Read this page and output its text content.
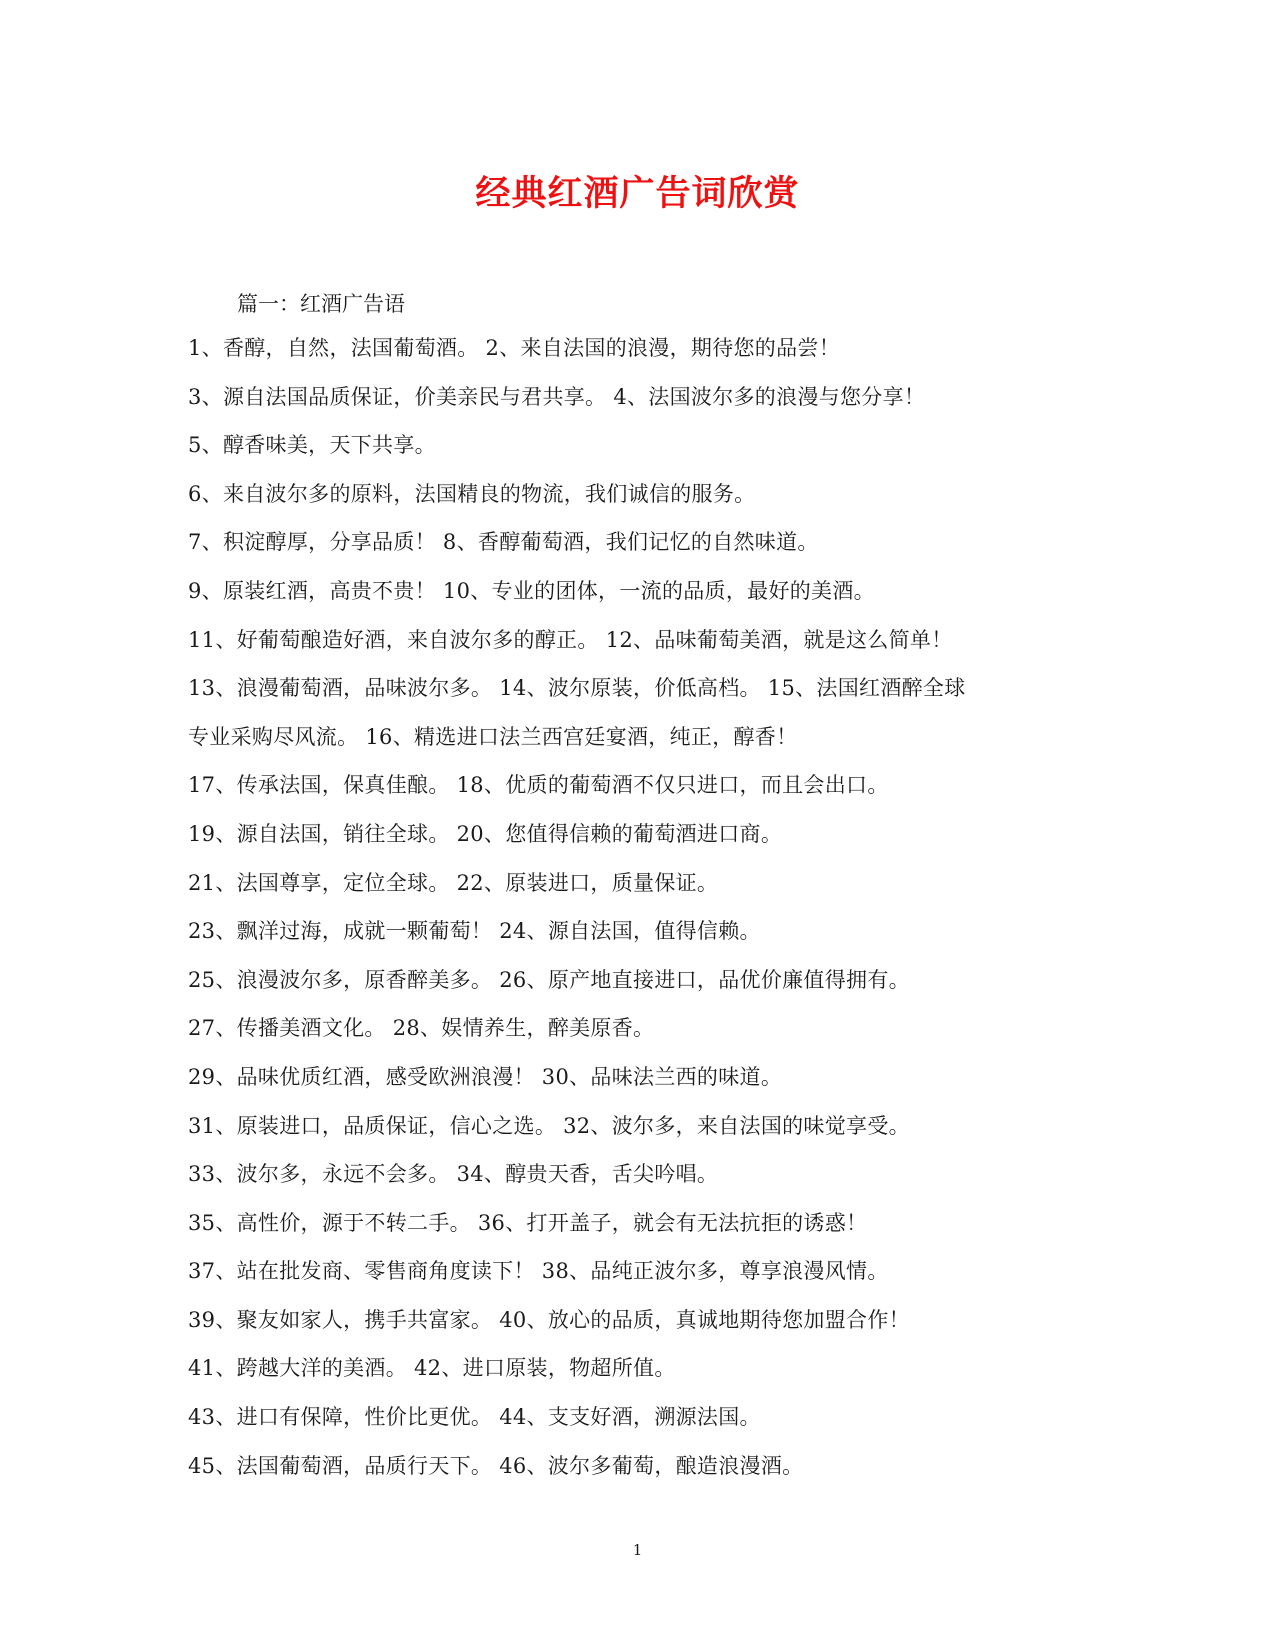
经典红酒广告词欣赏
篇一：红酒广告语
1、香醇，自然，法国葡萄酒。 2、来自法国的浪漫，期待您的品尝！
3、源自法国品质保证，价美亲民与君共享。 4、法国波尔多的浪漫与您分享！
5、醇香味美，天下共享。
6、来自波尔多的原料，法国精良的物流，我们诚信的服务。
7、积淀醇厚，分享品质！ 8、香醇葡萄酒，我们记忆的自然味道。
9、原装红酒，高贵不贵！ 10、专业的团体，一流的品质，最好的美酒。
11、好葡萄酿造好酒，来自波尔多的醇正。 12、品味葡萄美酒，就是这么简单！
13、浪漫葡萄酒，品味波尔多。 14、波尔原装，价低高档。 15、法国红酒醉全球
专业采购尽风流。 16、精选进口法兰西宫廷宴酒，纯正，醇香！
17、传承法国，保真佳酿。 18、优质的葡萄酒不仅只进口，而且会出口。
19、源自法国，销往全球。 20、您值得信赖的葡萄酒进口商。
21、法国尊享，定位全球。 22、原装进口，质量保证。
23、飘洋过海，成就一颗葡萄！ 24、源自法国，值得信赖。
25、浪漫波尔多，原香醉美多。 26、原产地直接进口，品优价廉值得拥有。
27、传播美酒文化。 28、娱情养生，醉美原香。
29、品味优质红酒，感受欧洲浪漫！ 30、品味法兰西的味道。
31、原装进口，品质保证，信心之选。 32、波尔多，来自法国的味觉享受。
33、波尔多，永远不会多。 34、醇贵天香，舌尖吟唱。
35、高性价，源于不转二手。 36、打开盖子，就会有无法抗拒的诱惑！
37、站在批发商、零售商角度读下！ 38、品纯正波尔多，尊享浪漫风情。
39、聚友如家人，携手共富家。 40、放心的品质，真诚地期待您加盟合作！
41、跨越大洋的美酒。 42、进口原装，物超所值。
43、进口有保障，性价比更优。 44、支支好酒，溯源法国。
45、法国葡萄酒，品质行天下。 46、波尔多葡萄，酿造浪漫酒。
1
